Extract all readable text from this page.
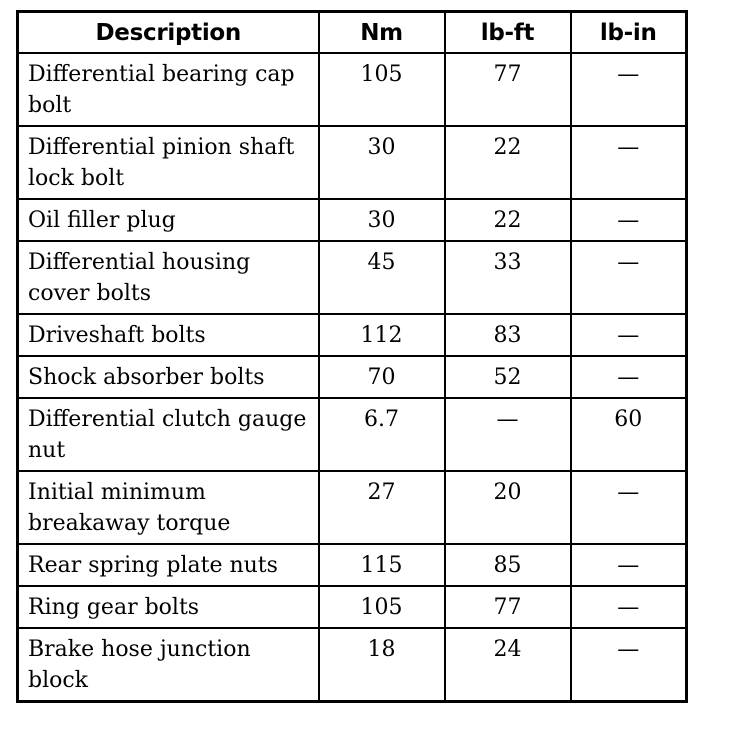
Description	Nm	lb-ft	lb-in
Differential bearing cap bolt	105	77	—
Differential pinion shaft lock bolt	30	22	—
Oil filler plug	30	22	—
Differential housing cover bolts	45	33	—
Driveshaft bolts	112	83	—
Shock absorber bolts	70	52	—
Differential clutch gauge nut	6.7	—	60
Initial minimum breakaway torque	27	20	—
Rear spring plate nuts	115	85	—
Ring gear bolts	105	77	—
Brake hose junction block	18	24	—
